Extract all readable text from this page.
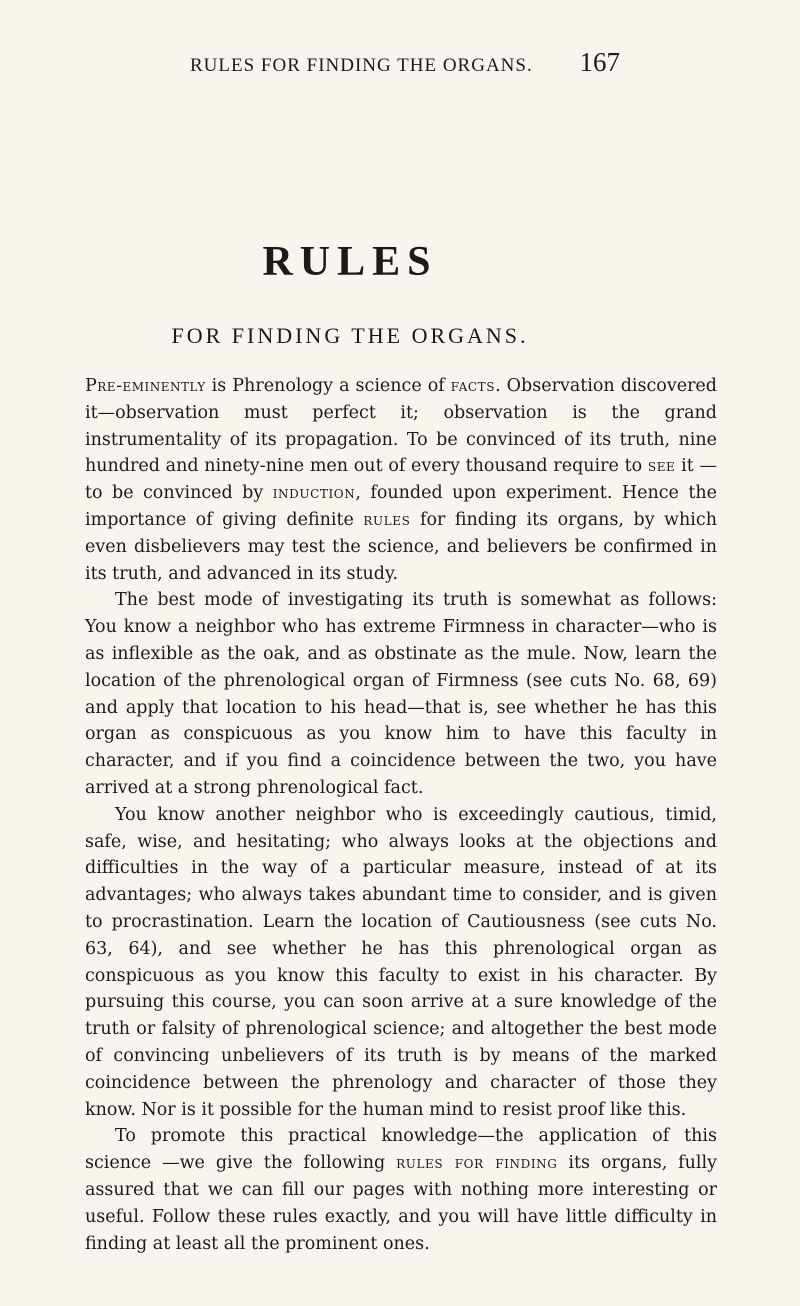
RULES FOR FINDING THE ORGANS. 167
RULES
FOR FINDING THE ORGANS.

Pre-eminently is Phrenology a science of facts. Observation discovered it—observation must perfect it; observation is the grand instrumentality of its propagation. To be convinced of its truth, nine hundred and ninety-nine men out of every thousand require to see it —to be convinced by induction, founded upon experiment. Hence the importance of giving definite rules for finding its organs, by which even disbelievers may test the science, and believers be confirmed in its truth, and advanced in its study.

The best mode of investigating its truth is somewhat as follows: You know a neighbor who has extreme Firmness in character—who is as inflexible as the oak, and as obstinate as the mule. Now, learn the location of the phrenological organ of Firmness (see cuts No. 68, 69) and apply that location to his head—that is, see whether he has this organ as conspicuous as you know him to have this faculty in character, and if you find a coincidence between the two, you have arrived at a strong phrenological fact.

You know another neighbor who is exceedingly cautious, timid, safe, wise, and hesitating; who always looks at the objections and difficulties in the way of a particular measure, instead of at its advantages; who always takes abundant time to consider, and is given to procrastination. Learn the location of Cautiousness (see cuts No. 63, 64), and see whether he has this phrenological organ as conspicuous as you know this faculty to exist in his character. By pursuing this course, you can soon arrive at a sure knowledge of the truth or falsity of phrenological science; and altogether the best mode of convincing unbelievers of its truth is by means of the marked coincidence between the phrenology and character of those they know. Nor is it possible for the human mind to resist proof like this.

To promote this practical knowledge—the application of this science —we give the following rules for finding its organs, fully assured that we can fill our pages with nothing more interesting or useful. Follow these rules exactly, and you will have little difficulty in finding at least all the prominent ones.
